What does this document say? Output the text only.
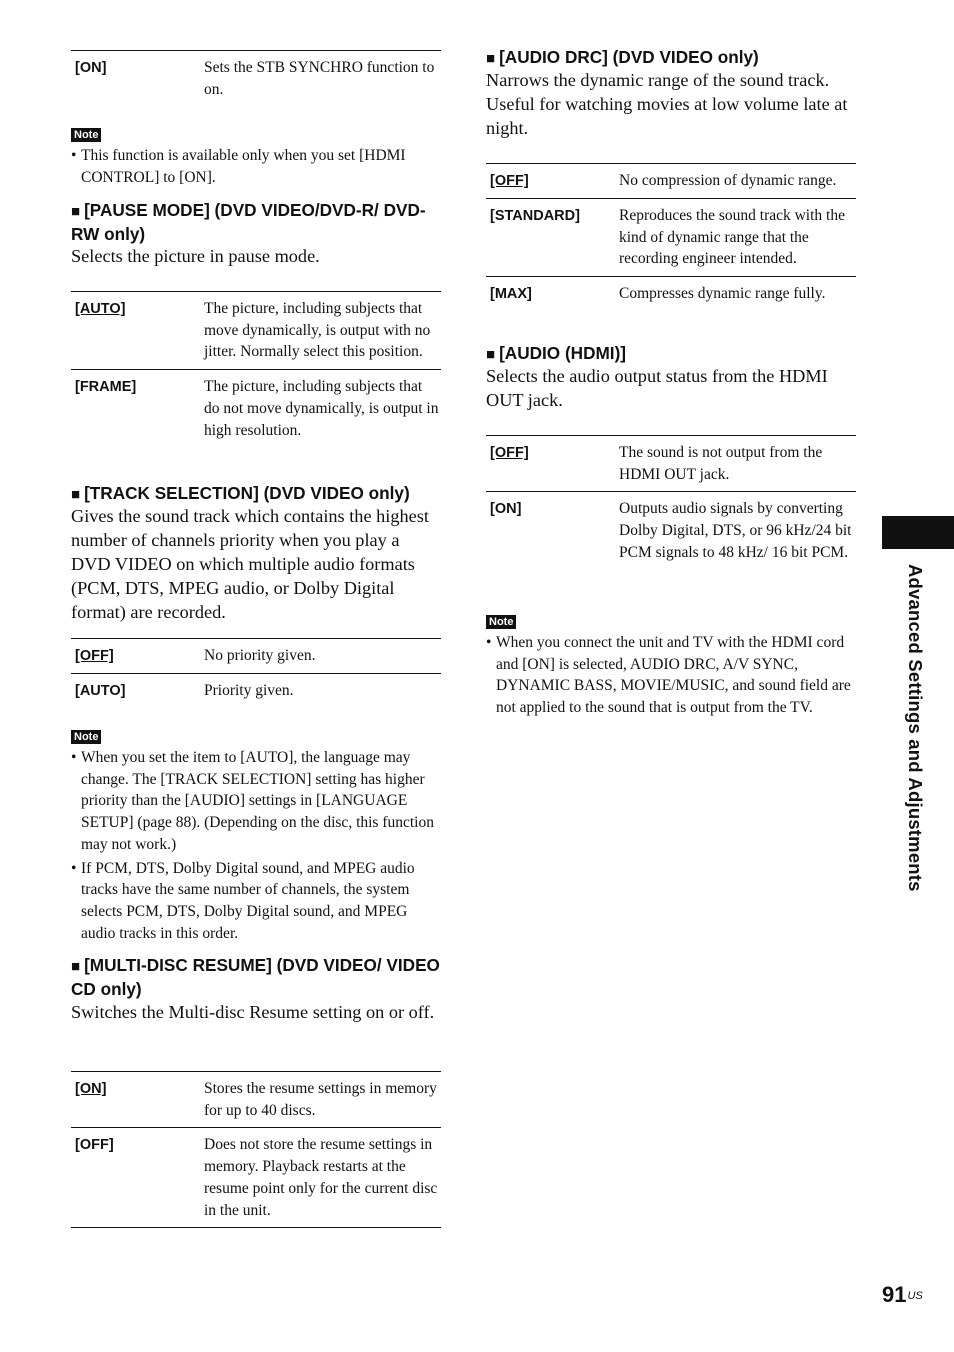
[ON]	Sets the STB SYNCHRO function to on.
Note
• This function is available only when you set [HDMI CONTROL] to [ON].
■ [PAUSE MODE] (DVD VIDEO/DVD-R/ DVD-RW only)

Selects the picture in pause mode.

[AUTO]	The picture, including subjects that move dynamically, is output with no jitter. Normally select this position.
[FRAME]	The picture, including subjects that do not move dynamically, is output in high resolution.
■ [TRACK SELECTION] (DVD VIDEO only)

Gives the sound track which contains the highest number of channels priority when you play a DVD VIDEO on which multiple audio formats (PCM, DTS, MPEG audio, or Dolby Digital format) are recorded.

[OFF]	No priority given.
[AUTO]	Priority given.
Note
• When you set the item to [AUTO], the language may change. The [TRACK SELECTION] setting has higher priority than the [AUDIO] settings in [LANGUAGE SETUP] (page 88). (Depending on the disc, this function may not work.)
• If PCM, DTS, Dolby Digital sound, and MPEG audio tracks have the same number of channels, the system selects PCM, DTS, Dolby Digital sound, and MPEG audio tracks in this order.
■ [MULTI-DISC RESUME] (DVD VIDEO/ VIDEO CD only)

Switches the Multi-disc Resume setting on or off.

[ON]	Stores the resume settings in memory for up to 40 discs.
[OFF]	Does not store the resume settings in memory. Playback restarts at the resume point only for the current disc in the unit.
■ [AUDIO DRC] (DVD VIDEO only)

Narrows the dynamic range of the sound track. Useful for watching movies at low volume late at night.

[OFF]	No compression of dynamic range.
[STANDARD]	Reproduces the sound track with the kind of dynamic range that the recording engineer intended.
[MAX]	Compresses dynamic range fully.
■ [AUDIO (HDMI)]

Selects the audio output status from the HDMI OUT jack.

[OFF]	The sound is not output from the HDMI OUT jack.
[ON]	Outputs audio signals by converting Dolby Digital, DTS, or 96 kHz/24 bit PCM signals to 48 kHz/ 16 bit PCM.
Note
• When you connect the unit and TV with the HDMI cord and [ON] is selected, AUDIO DRC, A/V SYNC, DYNAMIC BASS, MOVIE/MUSIC, and sound field are not applied to the sound that is output from the TV.	Advanced Settings and Adjustments
$91^{US}$
